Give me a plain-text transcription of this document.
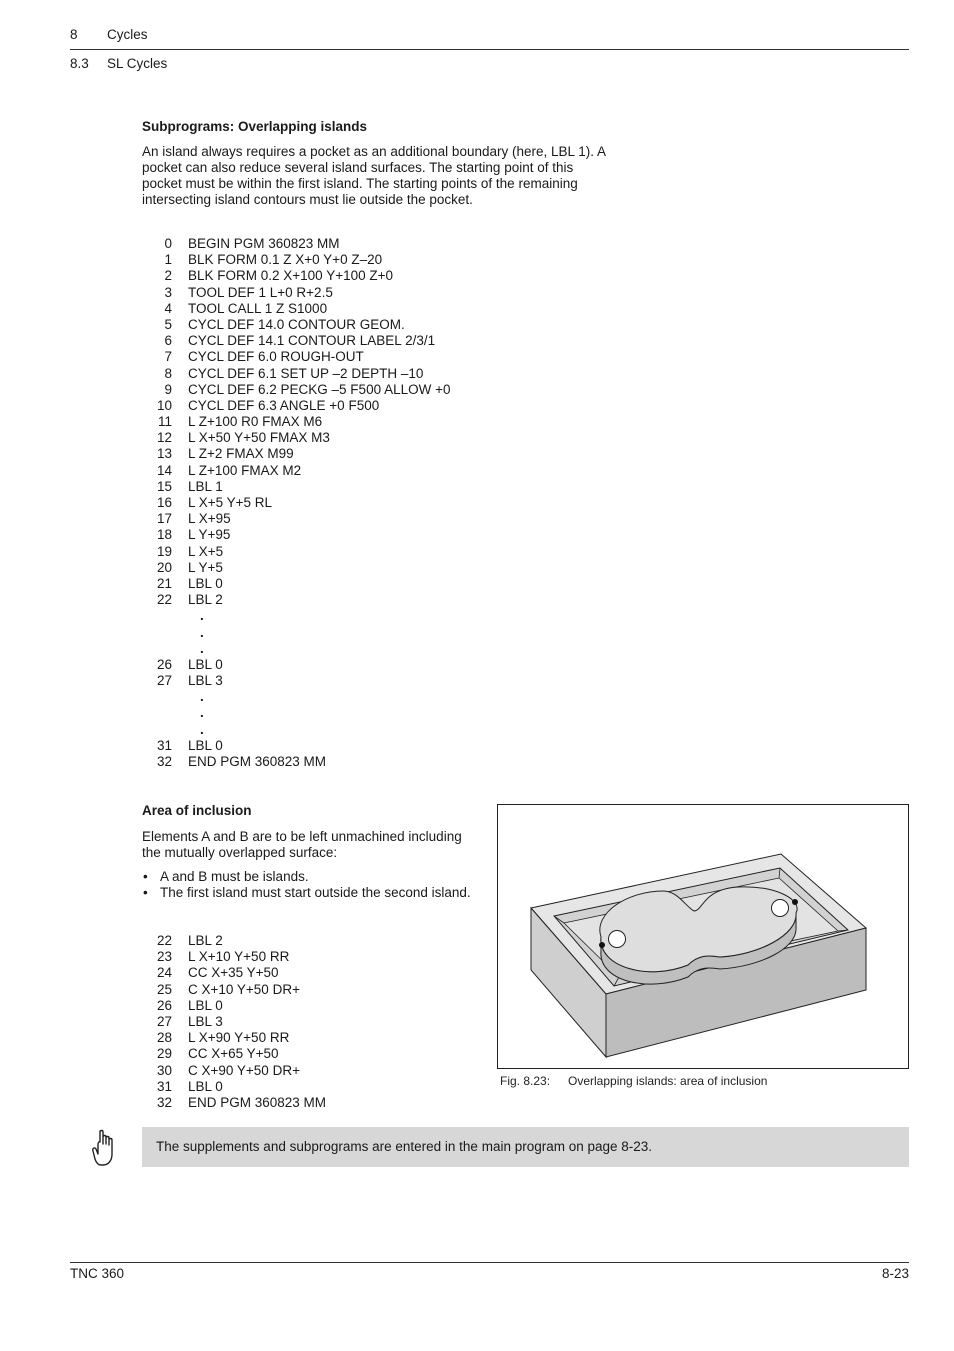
8 Cycles
8.3 SL Cycles
Subprograms: Overlapping islands

An island always requires a pocket as an additional boundary (here, LBL 1). A pocket can also reduce several island surfaces. The starting point of this pocket must be within the first island. The starting points of the remaining intersecting island contours must lie outside the pocket.

0	BEGIN PGM 360823 MM
1	BLK FORM 0.1 Z X+0 Y+0 Z–20
2	BLK FORM 0.2 X+100 Y+100 Z+0
3	TOOL DEF 1 L+0 R+2.5
4	TOOL CALL 1 Z S1000
5	CYCL DEF 14.0 CONTOUR GEOM.
6	CYCL DEF 14.1 CONTOUR LABEL 2/3/1
7	CYCL DEF 6.0 ROUGH-OUT
8	CYCL DEF 6.1 SET UP –2 DEPTH –10
9	CYCL DEF 6.2 PECKG –5 F500 ALLOW +0
10	CYCL DEF 6.3 ANGLE +0 F500
11	L Z+100 R0 FMAX M6
12	L X+50 Y+50 FMAX M3
13	L Z+2 FMAX M99
14	L Z+100 FMAX M2
15	LBL 1
16	L X+5 Y+5 RL
17	L X+95
18	L Y+95
19	L X+5
20	L Y+5
21	LBL 0
22	LBL 2
.
.
.
26	LBL 0
27	LBL 3
.
.
.
31	LBL 0
32	END PGM 360823 MM
Area of inclusion

Elements A and B are to be left unmachined including the mutually overlapped surface:

• A and B must be islands.
• The first island must start outside the second island.
22	LBL 2
23	L X+10 Y+50 RR
24	CC X+35 Y+50
25	C X+10 Y+50 DR+
26	LBL 0
27	LBL 3
28	L X+90 Y+50 RR
29	CC X+65 Y+50
30	C X+90 Y+50 DR+
31	LBL 0
32	END PGM 360823 MM
Fig. 8.23: Overlapping islands: area of inclusion
The supplements and subprograms are entered in the main program on page 8-23.
TNC 360	8-23
